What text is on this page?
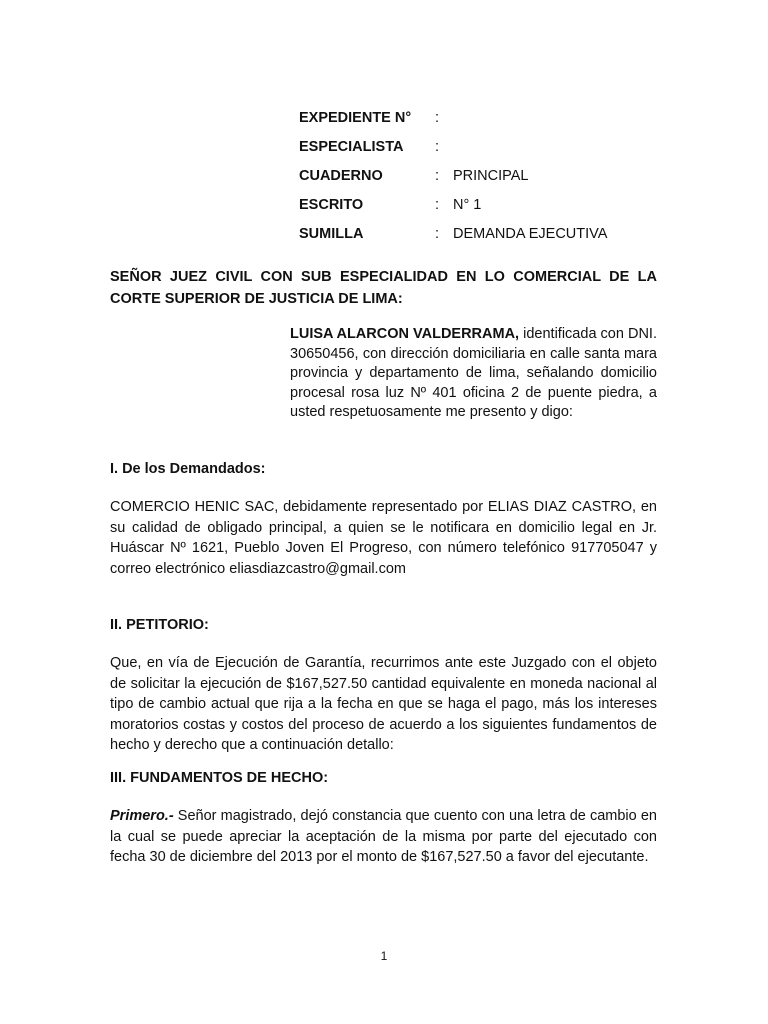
EXPEDIENTE N°	:
ESPECIALISTA	:
CUADERNO	: PRINCIPAL
ESCRITO	: N° 1
SUMILLA	: DEMANDA EJECUTIVA
SEÑOR JUEZ CIVIL CON SUB ESPECIALIDAD EN LO COMERCIAL DE LA CORTE SUPERIOR DE JUSTICIA DE LIMA:
LUISA ALARCON VALDERRAMA, identificada con DNI. 30650456, con dirección domiciliaria en calle santa mara provincia y departamento de lima, señalando domicilio procesal rosa luz Nº 401 oficina 2 de puente piedra, a usted respetuosamente me presento y digo:
I. De los Demandados:
COMERCIO HENIC SAC, debidamente representado por ELIAS DIAZ CASTRO, en su calidad de obligado principal, a quien se le notificara en domicilio legal en Jr. Huáscar Nº 1621, Pueblo Joven El Progreso, con número telefónico 917705047 y correo electrónico eliasdiazcastro@gmail.com
II. PETITORIO:
Que, en vía de Ejecución de Garantía, recurrimos ante este Juzgado con el objeto de solicitar la ejecución de $167,527.50 cantidad equivalente en moneda nacional al tipo de cambio actual que rija a la fecha en que se haga el pago, más los intereses moratorios costas y costos del proceso de acuerdo a los siguientes fundamentos de hecho y derecho que a continuación detallo:
III. FUNDAMENTOS DE HECHO:
Primero.- Señor magistrado, dejó constancia que cuento con una letra de cambio en la cual se puede apreciar la aceptación de la misma por parte del ejecutado con fecha 30 de diciembre del 2013 por el monto de $167,527.50 a favor del ejecutante.
1
